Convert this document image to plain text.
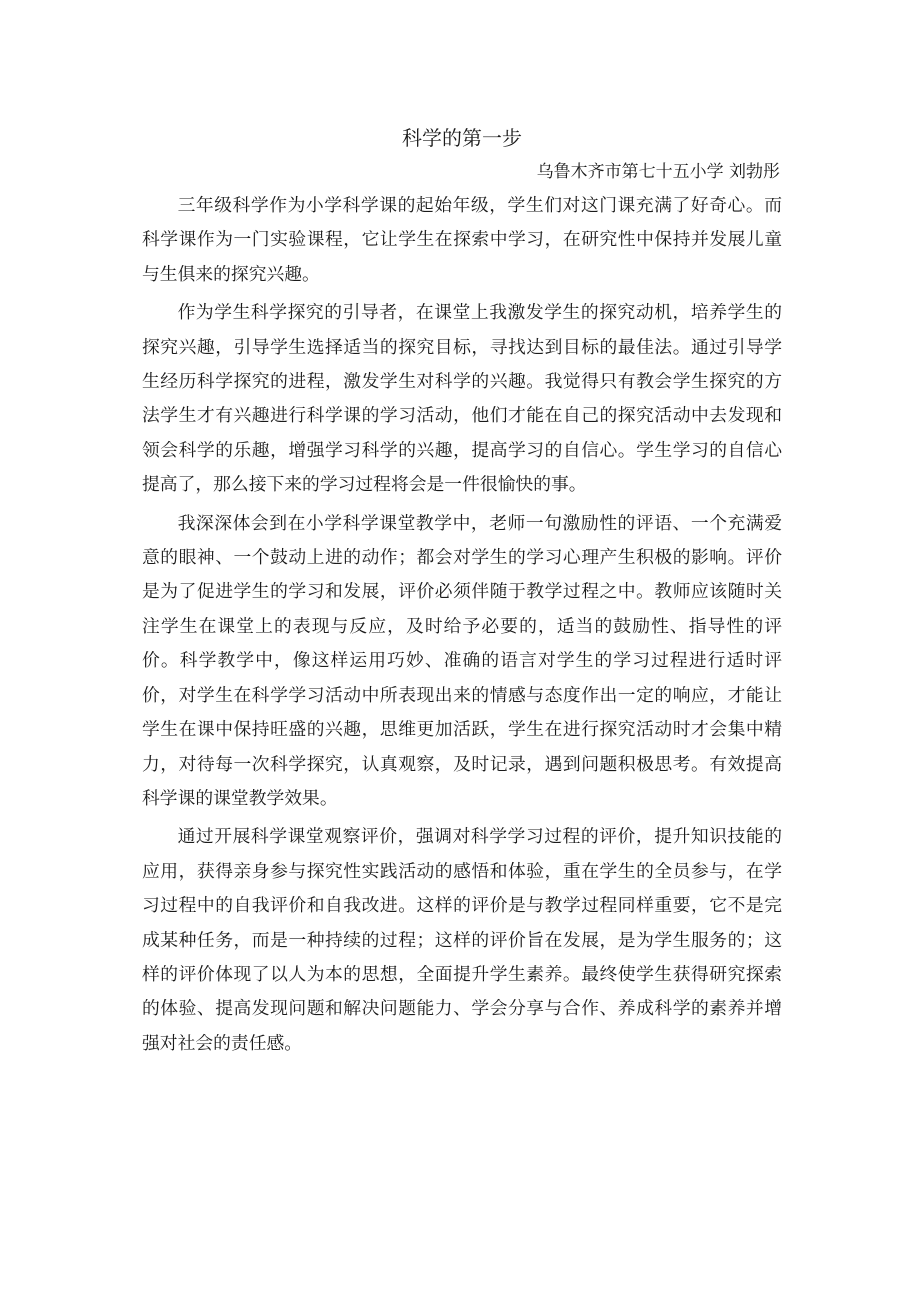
科学的第一步

乌鲁木齐市第七十五小学 刘勃彤

三年级科学作为小学科学课的起始年级，学生们对这门课充满了好奇心。而科学课作为一门实验课程，它让学生在探索中学习，在研究性中保持并发展儿童与生俱来的探究兴趣。

作为学生科学探究的引导者，在课堂上我激发学生的探究动机，培养学生的探究兴趣，引导学生选择适当的探究目标，寻找达到目标的最佳法。通过引导学生经历科学探究的进程，激发学生对科学的兴趣。我觉得只有教会学生探究的方法学生才有兴趣进行科学课的学习活动，他们才能在自己的探究活动中去发现和领会科学的乐趣，增强学习科学的兴趣，提高学习的自信心。学生学习的自信心提高了，那么接下来的学习过程将会是一件很愉快的事。

我深深体会到在小学科学课堂教学中，老师一句激励性的评语、一个充满爱意的眼神、一个鼓动上进的动作；都会对学生的学习心理产生积极的影响。评价是为了促进学生的学习和发展，评价必须伴随于教学过程之中。教师应该随时关注学生在课堂上的表现与反应，及时给予必要的，适当的鼓励性、指导性的评价。科学教学中，像这样运用巧妙、准确的语言对学生的学习过程进行适时评价，对学生在科学学习活动中所表现出来的情感与态度作出一定的响应，才能让学生在课中保持旺盛的兴趣，思维更加活跃，学生在进行探究活动时才会集中精力，对待每一次科学探究，认真观察，及时记录，遇到问题积极思考。有效提高科学课的课堂教学效果。

通过开展科学课堂观察评价，强调对科学学习过程的评价，提升知识技能的应用，获得亲身参与探究性实践活动的感悟和体验，重在学生的全员参与，在学习过程中的自我评价和自我改进。这样的评价是与教学过程同样重要，它不是完成某种任务，而是一种持续的过程；这样的评价旨在发展，是为学生服务的；这样的评价体现了以人为本的思想，全面提升学生素养。最终使学生获得研究探索的体验、提高发现问题和解决问题能力、学会分享与合作、养成科学的素养并增强对社会的责任感。
